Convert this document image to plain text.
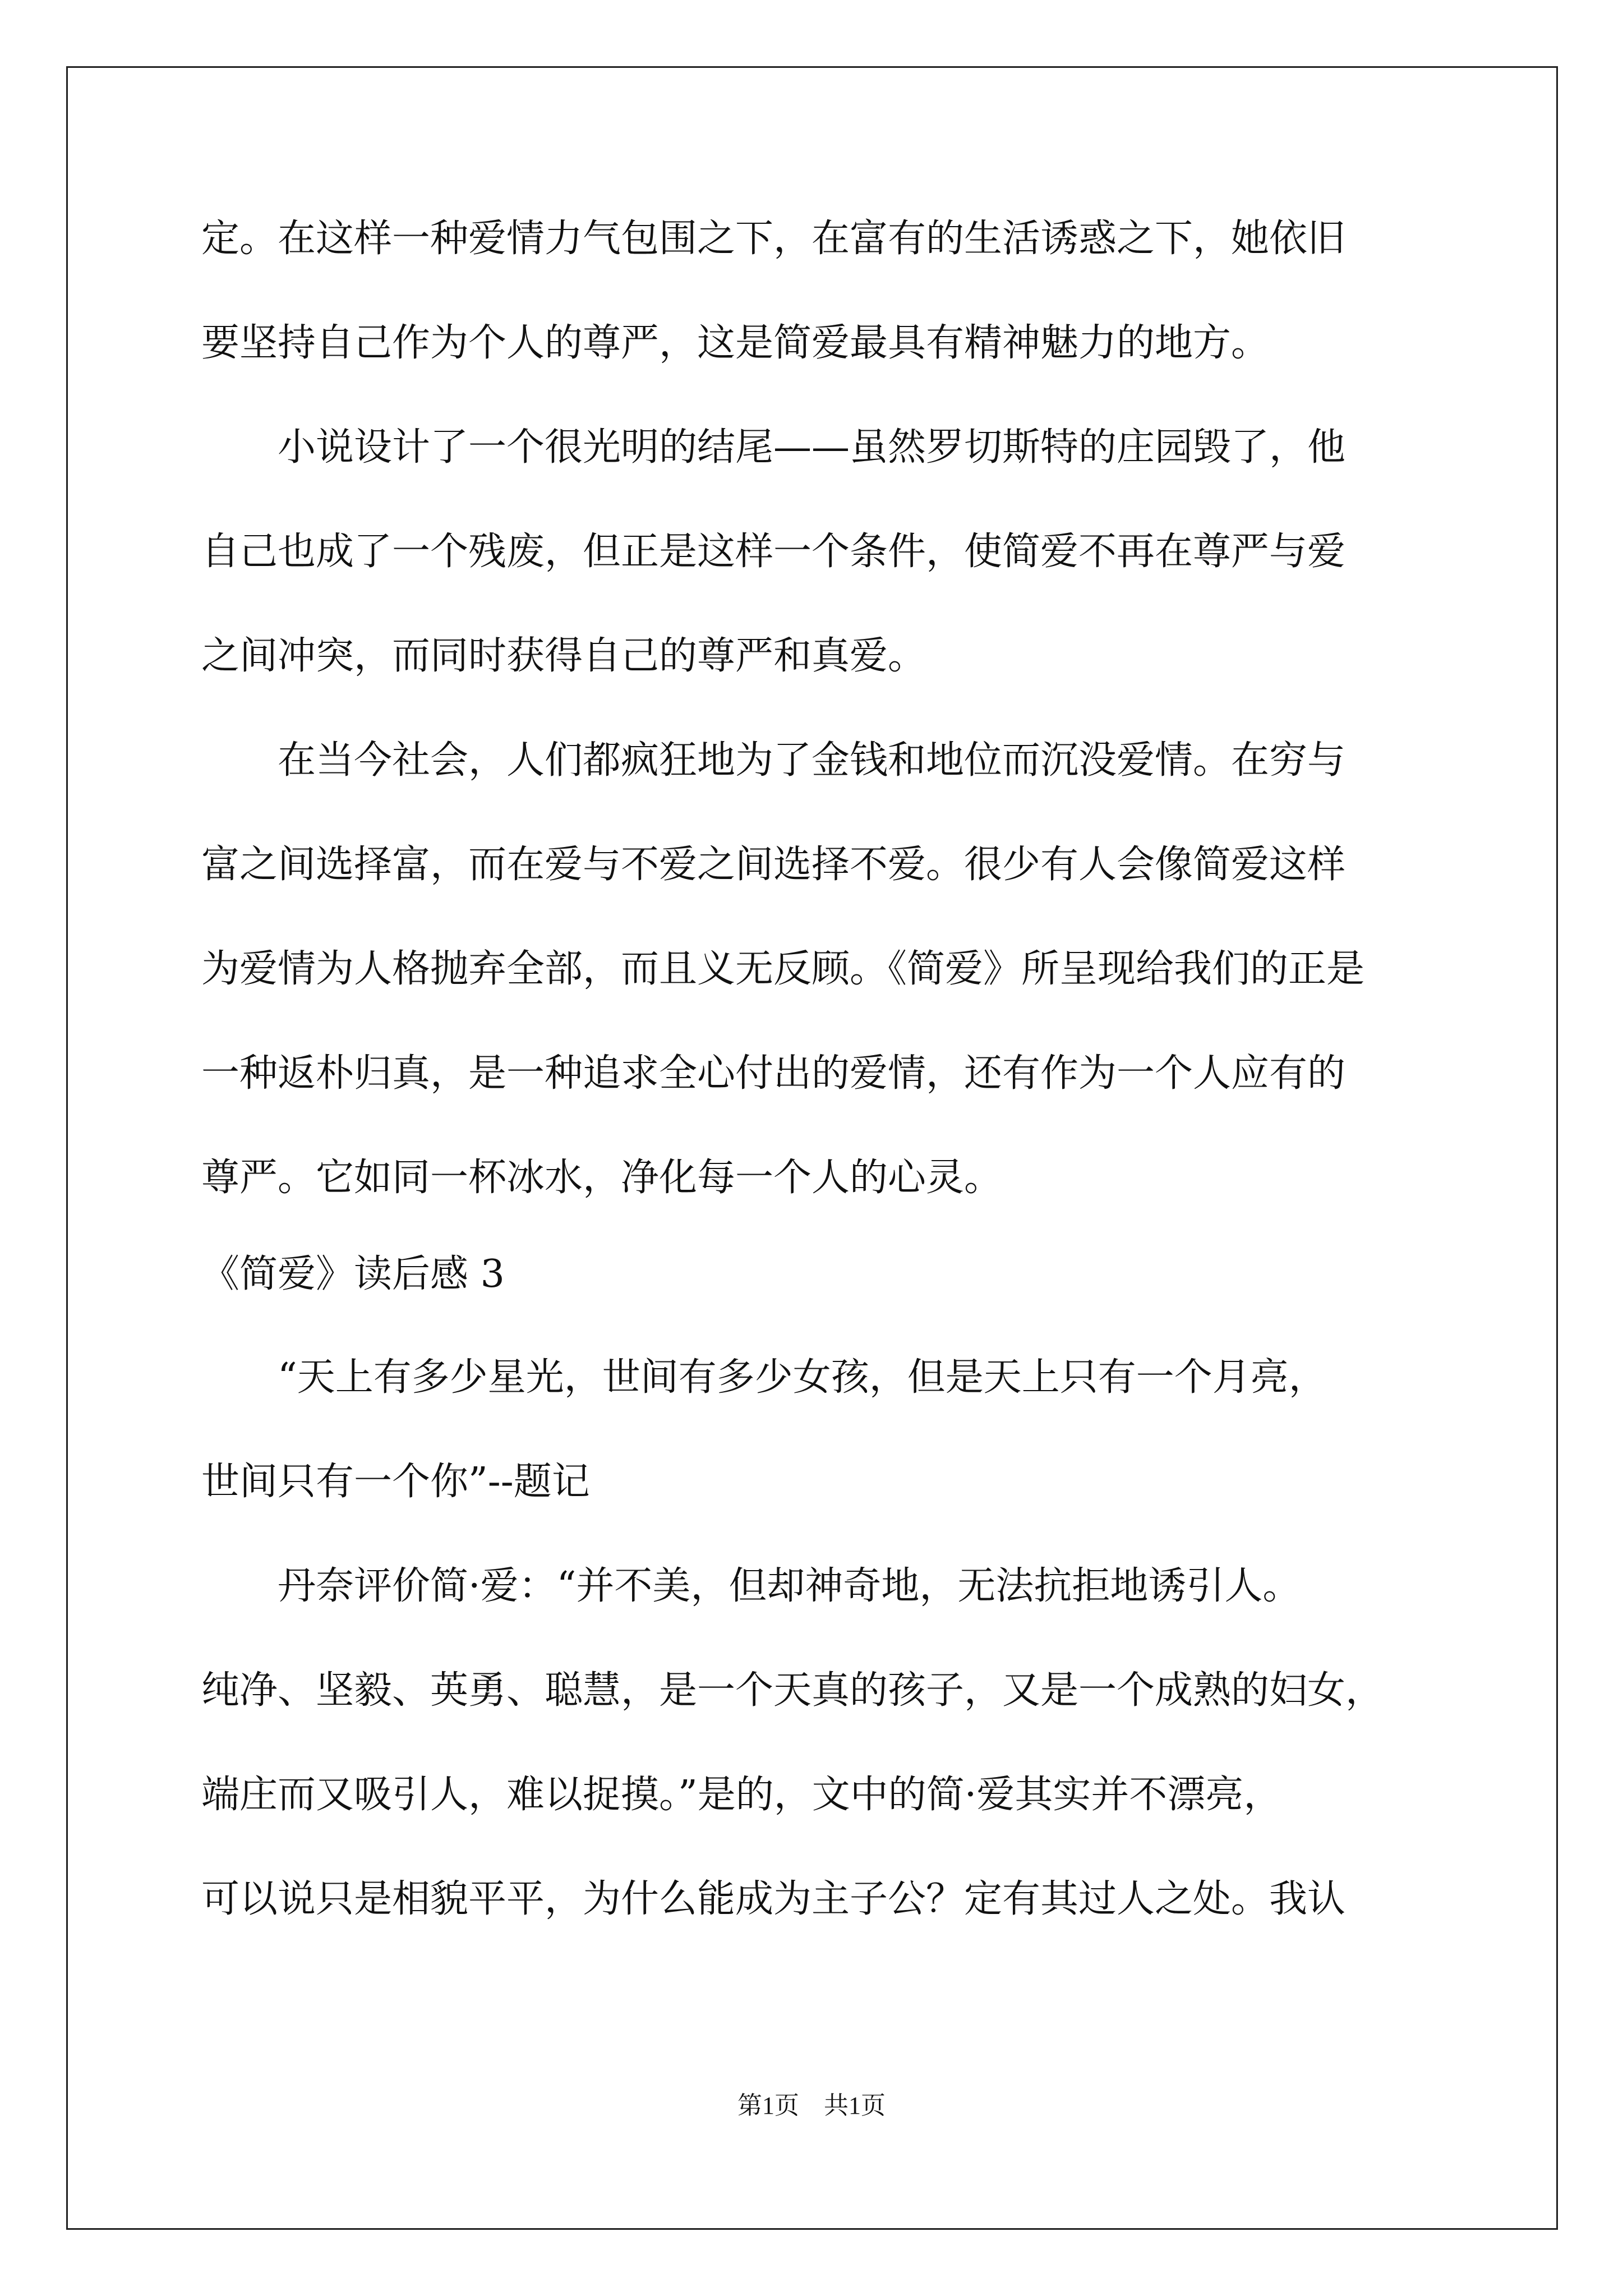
定。在这样一种爱情力气包围之下，在富有的生活诱惑之下，她依旧
要坚持自己作为个人的尊严，这是简爱最具有精神魅力的地方。
　　小说设计了一个很光明的结尾——虽然罗切斯特的庄园毁了，他
自己也成了一个残废，但正是这样一个条件，使简爱不再在尊严与爱
之间冲突，而同时获得自己的尊严和真爱。
　　在当今社会，人们都疯狂地为了金钱和地位而沉没爱情。在穷与
富之间选择富，而在爱与不爱之间选择不爱。很少有人会像简爱这样
为爱情为人格抛弃全部，而且义无反顾。《简爱》所呈现给我们的正是
一种返朴归真，是一种追求全心付出的爱情，还有作为一个人应有的
尊严。它如同一杯冰水，净化每一个人的心灵。
《简爱》读后感 3
　　“天上有多少星光，世间有多少女孩，但是天上只有一个月亮，
世间只有一个你”--题记
　　丹奈评价简·爱：“并不美，但却神奇地，无法抗拒地诱引人。
纯净、坚毅、英勇、聪慧，是一个天真的孩子，又是一个成熟的妇女，
端庄而又吸引人，难以捉摸。”是的，文中的简·爱其实并不漂亮，
可以说只是相貌平平，为什么能成为主子公？定有其过人之处。我认
第1页 共1页
